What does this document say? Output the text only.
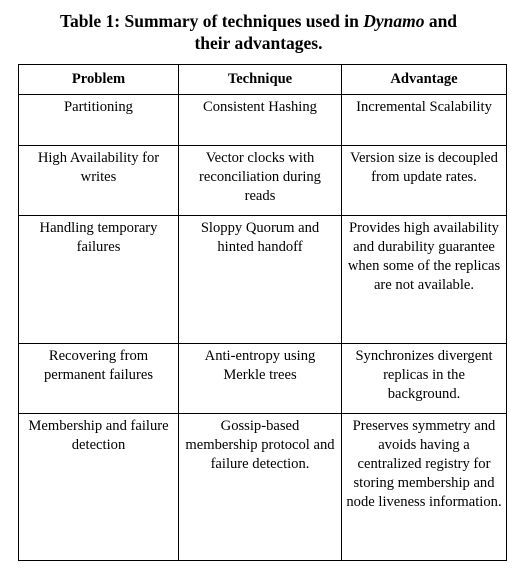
Table 1: Summary of techniques used in Dynamo and
their advantages.
Problem	Technique	Advantage
Partitioning	Consistent Hashing	Incremental Scalability
High Availability for writes	Vector clocks with reconciliation during reads	Version size is decoupled from update rates.
Handling temporary failures	Sloppy Quorum and hinted handoff	Provides high availability and durability guarantee when some of the replicas are not available.
Recovering from permanent failures	Anti-entropy using Merkle trees	Synchronizes divergent replicas in the background.
Membership and failure detection	Gossip-based membership protocol and failure detection.	Preserves symmetry and avoids having a centralized registry for storing membership and node liveness information.
